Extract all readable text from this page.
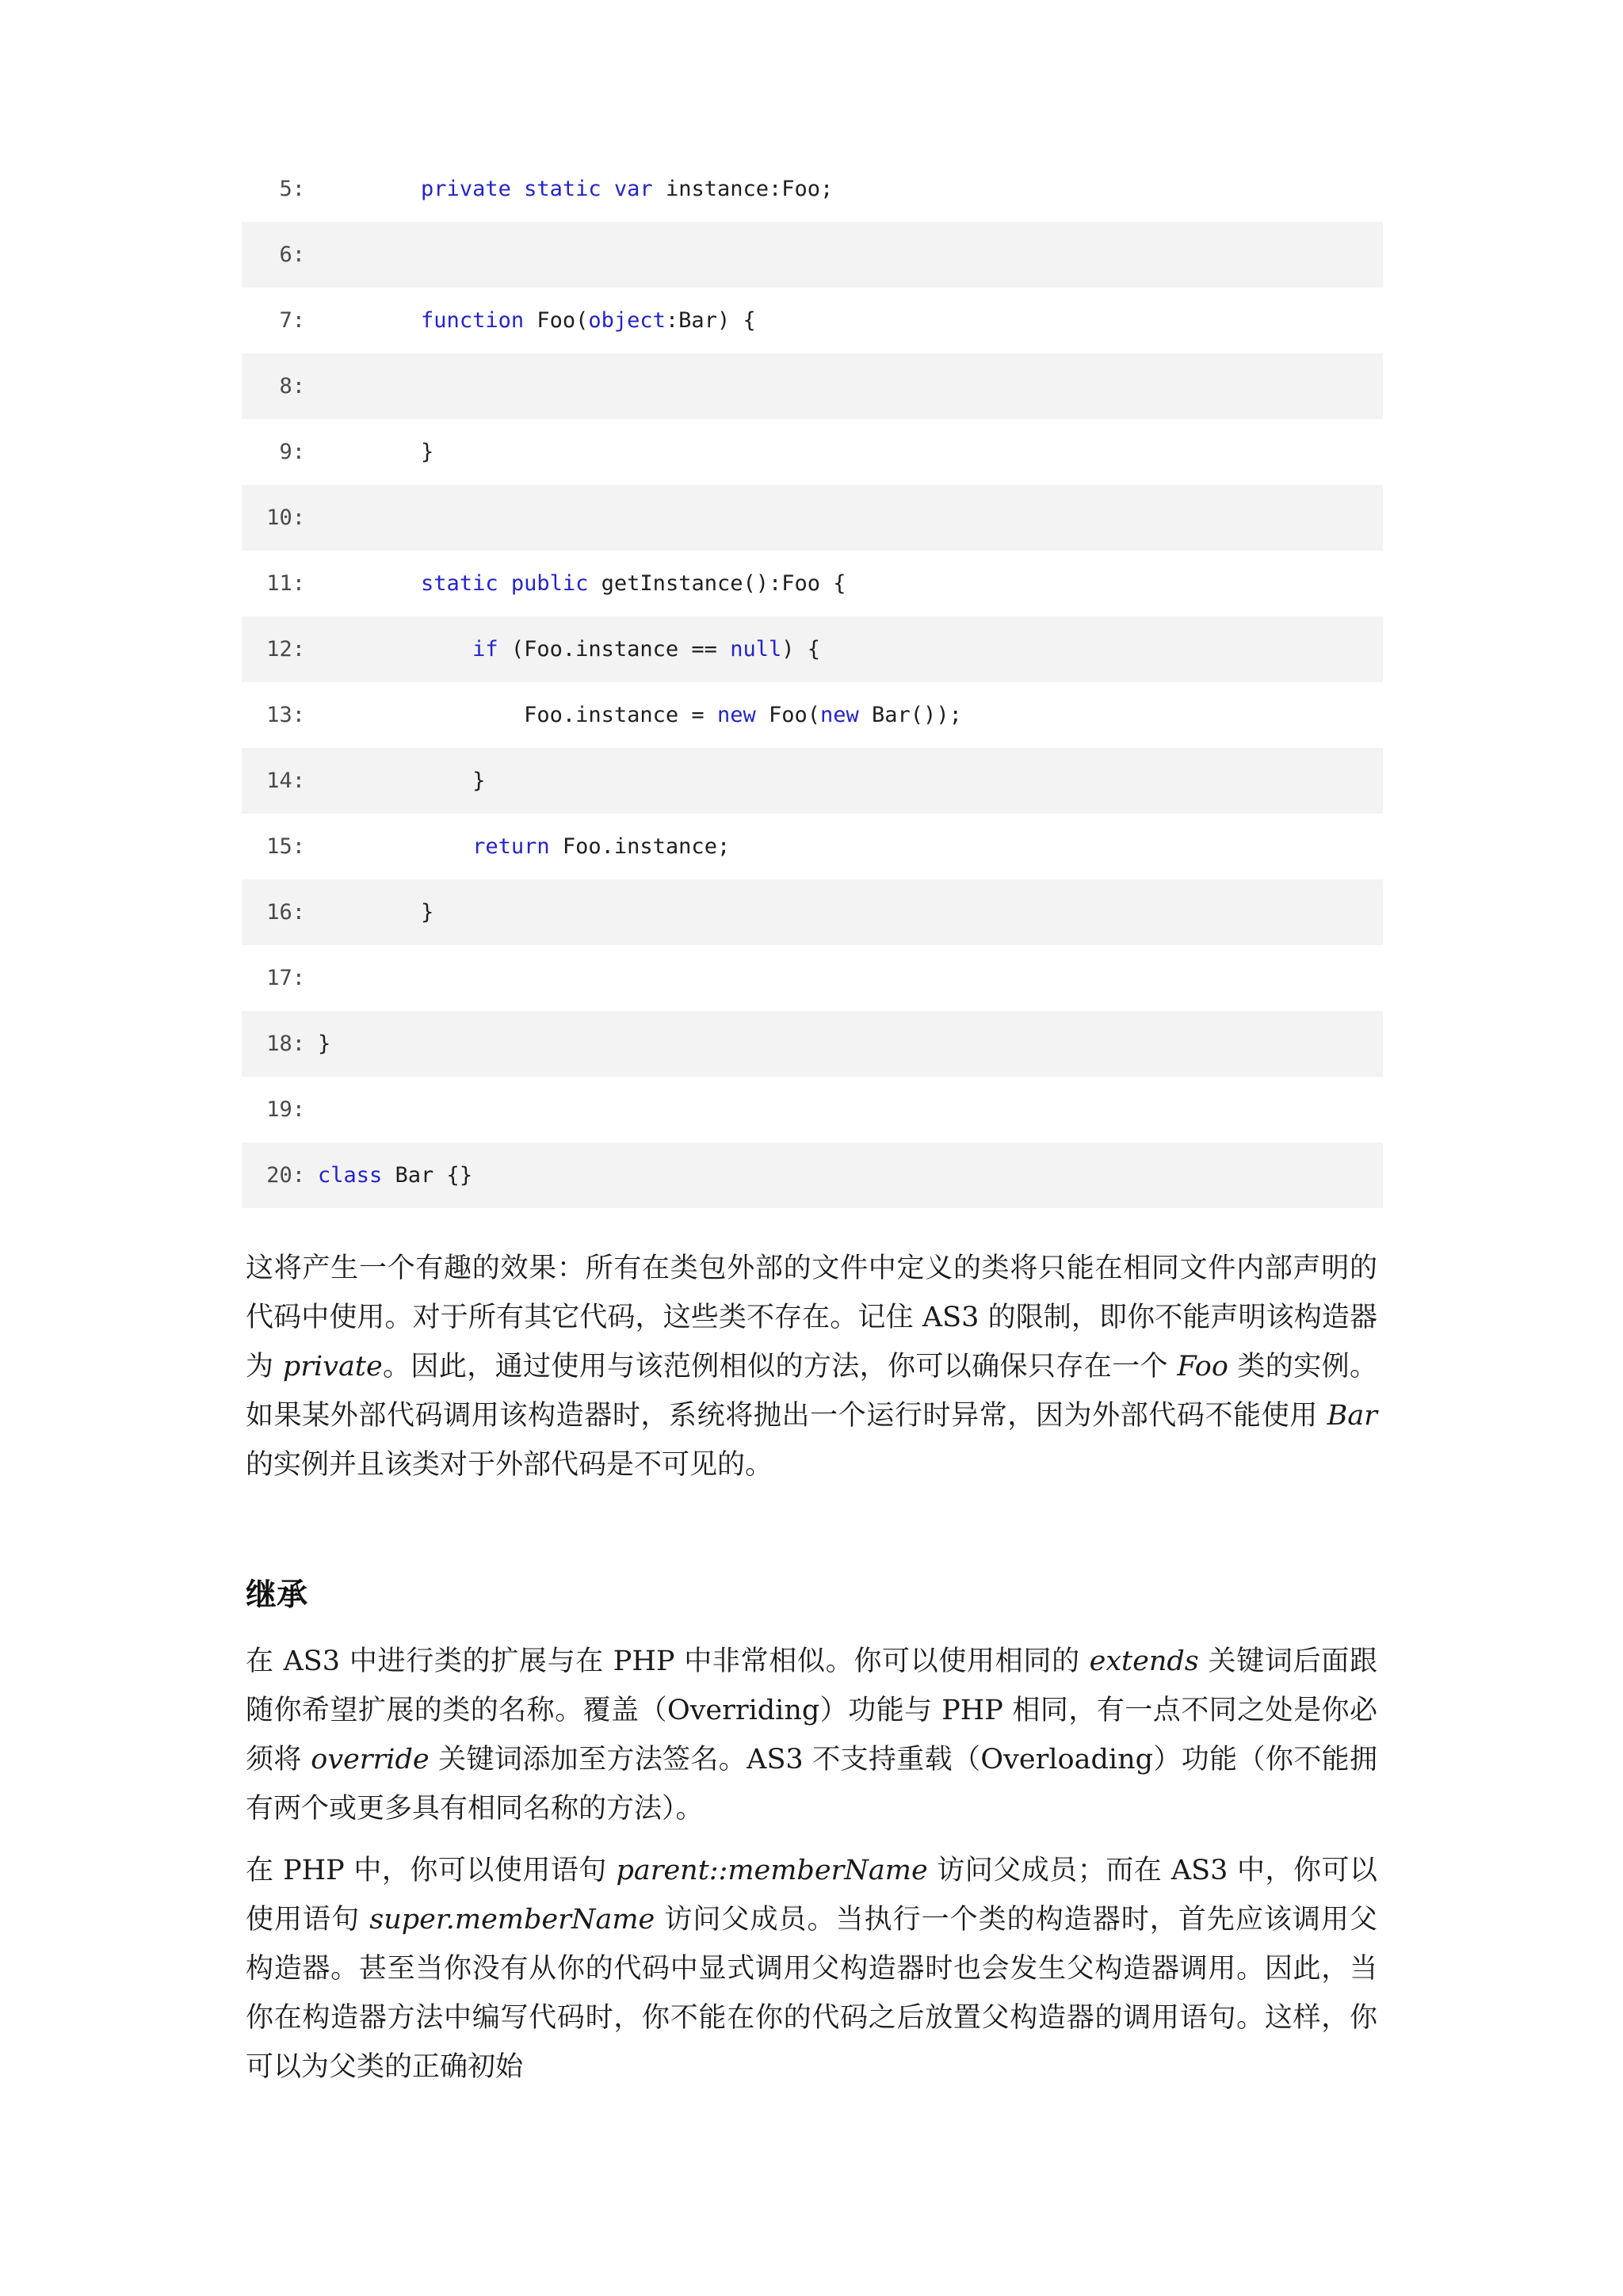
5:	private static var instance:Foo;
6:
7:	function Foo(object:Bar) {
8:
9:	}
10:
11:	static public getInstance():Foo {
12:	if (Foo.instance == null) {
13:	Foo.instance = new Foo(new Bar());
14:	}
15:	return Foo.instance;
16:	}
17:
18: }
19:
20: class Bar {}

这将产生一个有趣的效果：所有在类包外部的文件中定义的类将只能在相同文件内部声明的代码中使用。对于所有其它代码，这些类不存在。记住 AS3 的限制，即你不能声明该构造器为 private。因此，通过使用与该范例相似的方法，你可以确保只存在一个 Foo 类的实例。如果某外部代码调用该构造器时，系统将抛出一个运行时异常，因为外部代码不能使用 Bar 的实例并且该类对于外部代码是不可见的。

继承

在 AS3 中进行类的扩展与在 PHP 中非常相似。你可以使用相同的 extends 关键词后面跟随你希望扩展的类的名称。覆盖（Overriding）功能与 PHP 相同，有一点不同之处是你必须将 override 关键词添加至方法签名。AS3 不支持重载（Overloading）功能（你不能拥有两个或更多具有相同名称的方法）。

在 PHP 中，你可以使用语句 parent::memberName 访问父成员；而在 AS3 中，你可以使用语句 super.memberName 访问父成员。当执行一个类的构造器时，首先应该调用父构造器。甚至当你没有从你的代码中显式调用父构造器时也会发生父构造器调用。因此，当你在构造器方法中编写代码时，你不能在你的代码之后放置父构造器的调用语句。这样，你可以为父类的正确初始
